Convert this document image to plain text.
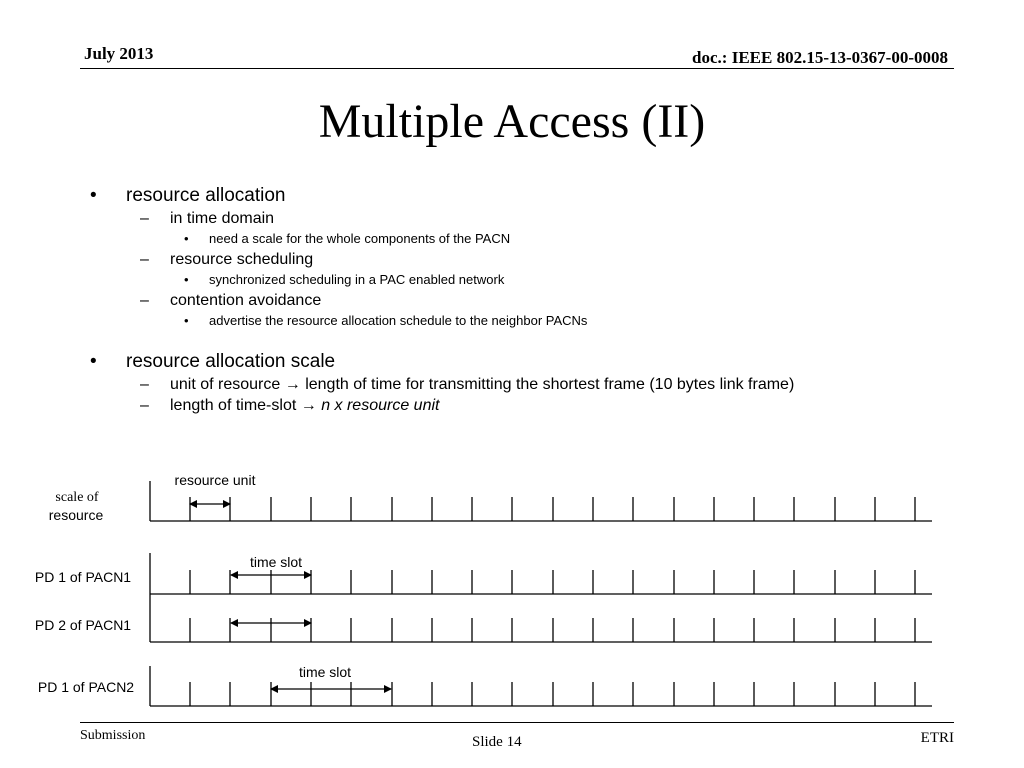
July 2013	doc.: IEEE 802.15-13-0367-00-0008
Multiple Access (II)
• resource allocation
– in time domain
• need a scale for the whole components of the PACN
– resource scheduling
• synchronized scheduling in a PAC enabled network
– contention avoidance
• advertise the resource allocation schedule to the neighbor PACNs
• resource allocation scale
– unit of resource → length of time for transmitting the shortest frame (10 bytes link frame)
– length of time-slot → n x resource unit
scale of
resource
resource unit
PD 1 of PACN1
time slot
PD 2 of PACN1
PD 1 of PACN2
time slot
Submission	Slide 14	ETRI
